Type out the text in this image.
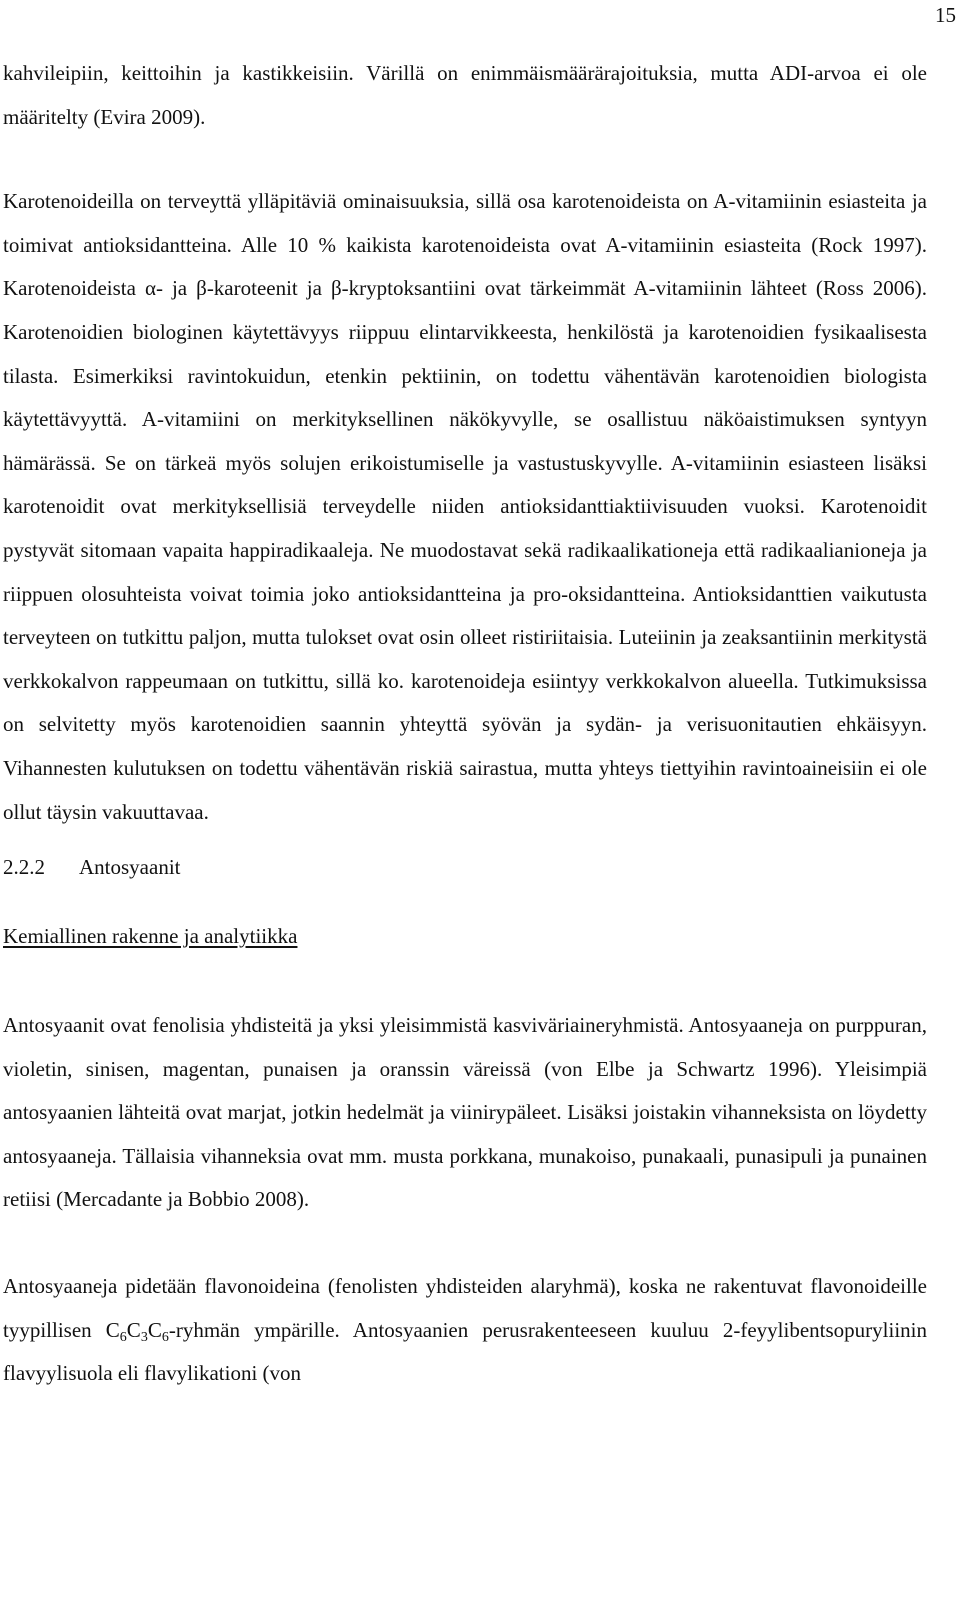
15

kahvileipiin, keittoihin ja kastikkeisiin. Värillä on enimmäismäärärajoituksia, mutta ADI-arvoa ei ole määritelty (Evira 2009).

Karotenoideilla on terveyttä ylläpitäviä ominaisuuksia, sillä osa karotenoideista on A-vitamiinin esiasteita ja toimivat antioksidantteina. Alle 10 % kaikista karotenoideista ovat A-vitamiinin esiasteita (Rock 1997). Karotenoideista α- ja β-karoteenit ja β-kryptoksantiini ovat tärkeimmät A-vitamiinin lähteet (Ross 2006). Karotenoidien biologinen käytettävyys riippuu elintarvikkeesta, henkilöstä ja karotenoidien fysikaalisesta tilasta. Esimerkiksi ravintokuidun, etenkin pektiinin, on todettu vähentävän karotenoidien biologista käytettävyyttä. A-vitamiini on merkityksellinen näkökyvylle, se osallistuu näköaistimuksen syntyyn hämärässä. Se on tärkeä myös solujen erikoistumiselle ja vastustuskyvylle. A-vitamiinin esiasteen lisäksi karotenoidit ovat merkityksellisiä terveydelle niiden antioksidanttiaktiivisuuden vuoksi. Karotenoidit pystyvät sitomaan vapaita happiradikaaleja. Ne muodostavat sekä radikaalikationeja että radikaalianioneja ja riippuen olosuhteista voivat toimia joko antioksidantteina ja pro-oksidantteina. Antioksidanttien vaikutusta terveyteen on tutkittu paljon, mutta tulokset ovat osin olleet ristiriitaisia. Luteiinin ja zeaksantiinin merkitystä verkkokalvon rappeumaan on tutkittu, sillä ko. karotenoideja esiintyy verkkokalvon alueella. Tutkimuksissa on selvitetty myös karotenoidien saannin yhteyttä syövän ja sydän- ja verisuonitautien ehkäisyyn. Vihannesten kulutuksen on todettu vähentävän riskiä sairastua, mutta yhteys tiettyihin ravintoaineisiin ei ole ollut täysin vakuuttavaa.

2.2.2 Antosyaanit
Kemiallinen rakenne ja analytiikka

Antosyaanit ovat fenolisia yhdisteitä ja yksi yleisimmistä kasviväriaineryhmistä. Antosyaaneja on purppuran, violetin, sinisen, magentan, punaisen ja oranssin väreissä (von Elbe ja Schwartz 1996). Yleisimpiä antosyaanien lähteitä ovat marjat, jotkin hedelmät ja viinirypäleet. Lisäksi joistakin vihanneksista on löydetty antosyaaneja. Tällaisia vihanneksia ovat mm. musta porkkana, munakoiso, punakaali, punasipuli ja punainen retiisi (Mercadante ja Bobbio 2008).

Antosyaaneja pidetään flavonoideina (fenolisten yhdisteiden alaryhmä), koska ne rakentuvat flavonoideille tyypillisen $C_6C_3C_6$-ryhmän ympärille. Antosyaanien perusrakenteeseen kuuluu 2-feyylibentsopuryliinin flavyylisuola eli flavylikationi (von
